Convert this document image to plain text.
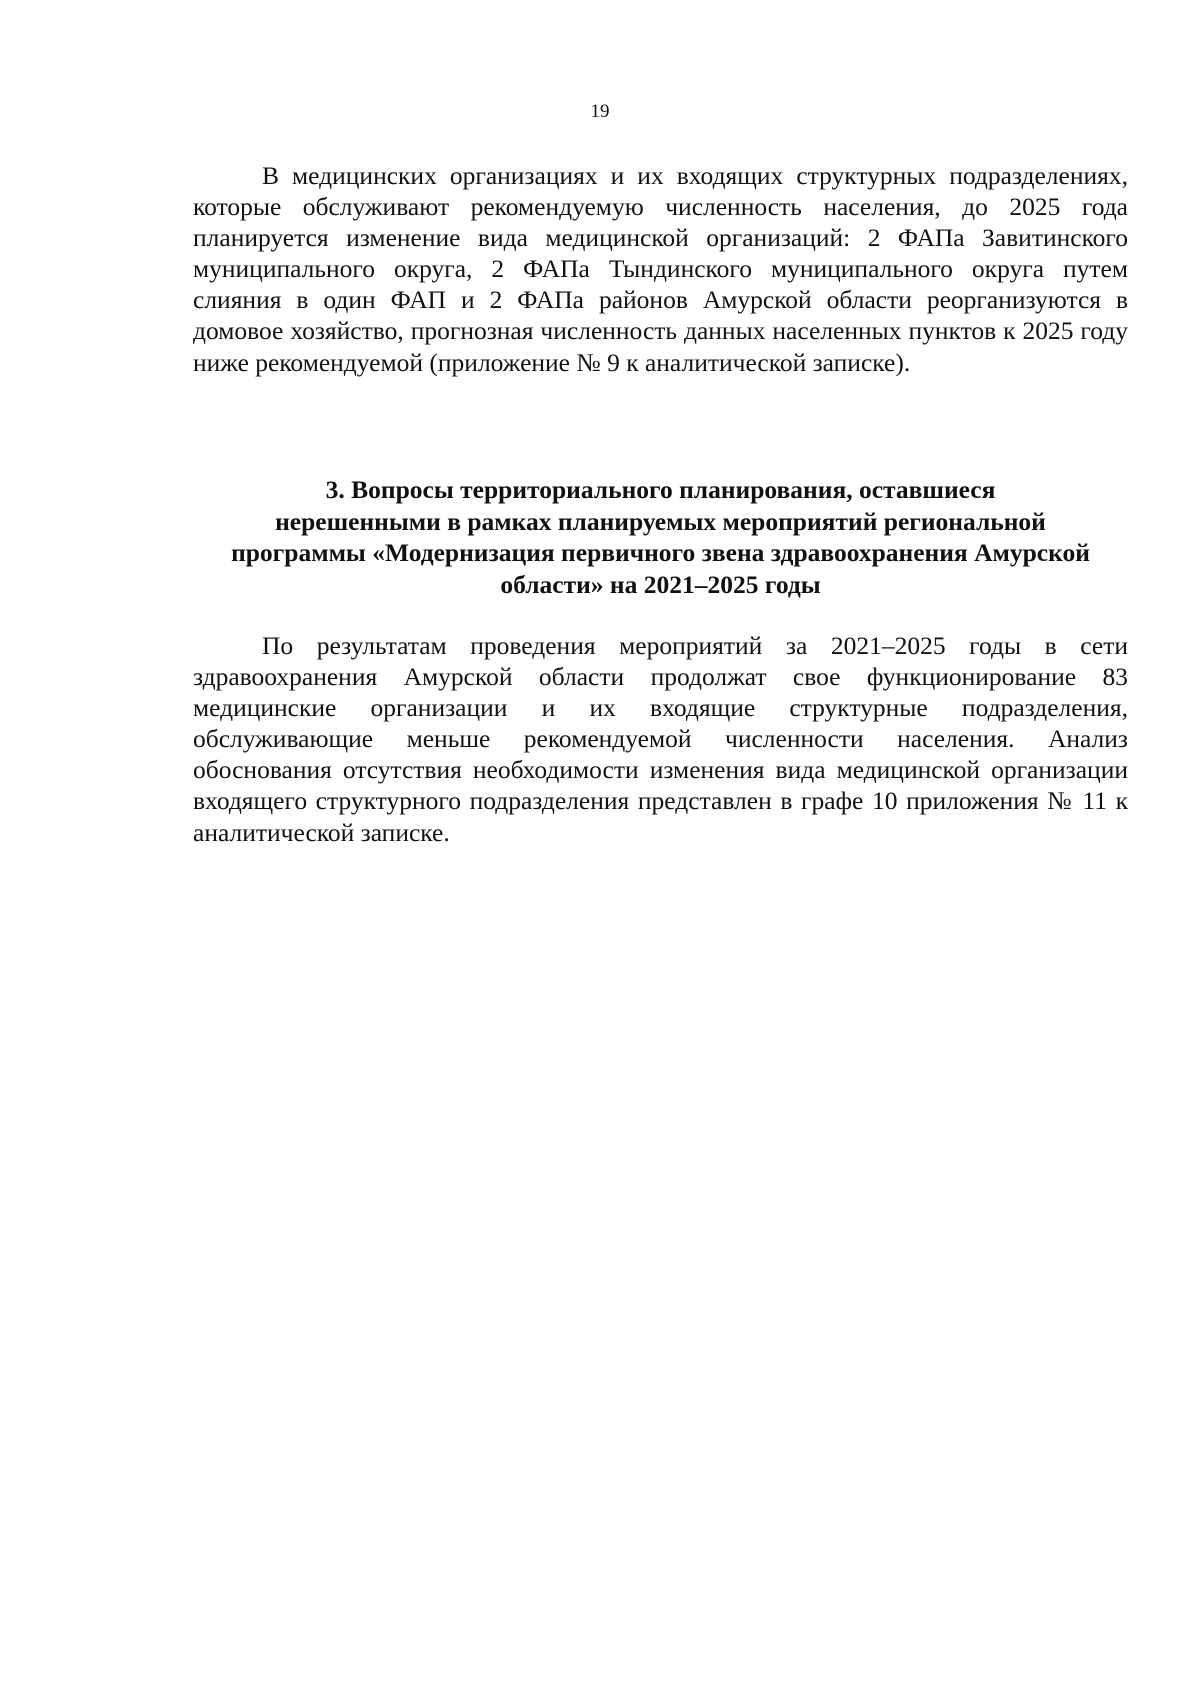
19

В медицинских организациях и их входящих структурных подразделениях, которые обслуживают рекомендуемую численность населения, до 2025 года планируется изменение вида медицинской организаций: 2 ФАПа Завитинского муниципального округа, 2 ФАПа Тындинского муниципального округа путем слияния в один ФАП и 2 ФАПа районов Амурской области реорганизуются в домовое хозяйство, прогнозная численность данных населенных пунктов к 2025 году ниже рекомендуемой (приложение № 9 к аналитической записке).

3. Вопросы территориального планирования, оставшиеся
нерешенными в рамках планируемых мероприятий региональной
программы «Модернизация первичного звена здравоохранения Амурской
области» на 2021–2025 годы

По результатам проведения мероприятий за 2021–2025 годы в сети здравоохранения Амурской области продолжат свое функционирование 83 медицинские организации и их входящие структурные подразделения, обслуживающие меньше рекомендуемой численности населения. Анализ обоснования отсутствия необходимости изменения вида медицинской организации входящего структурного подразделения представлен в графе 10 приложения № 11 к аналитической записке.
